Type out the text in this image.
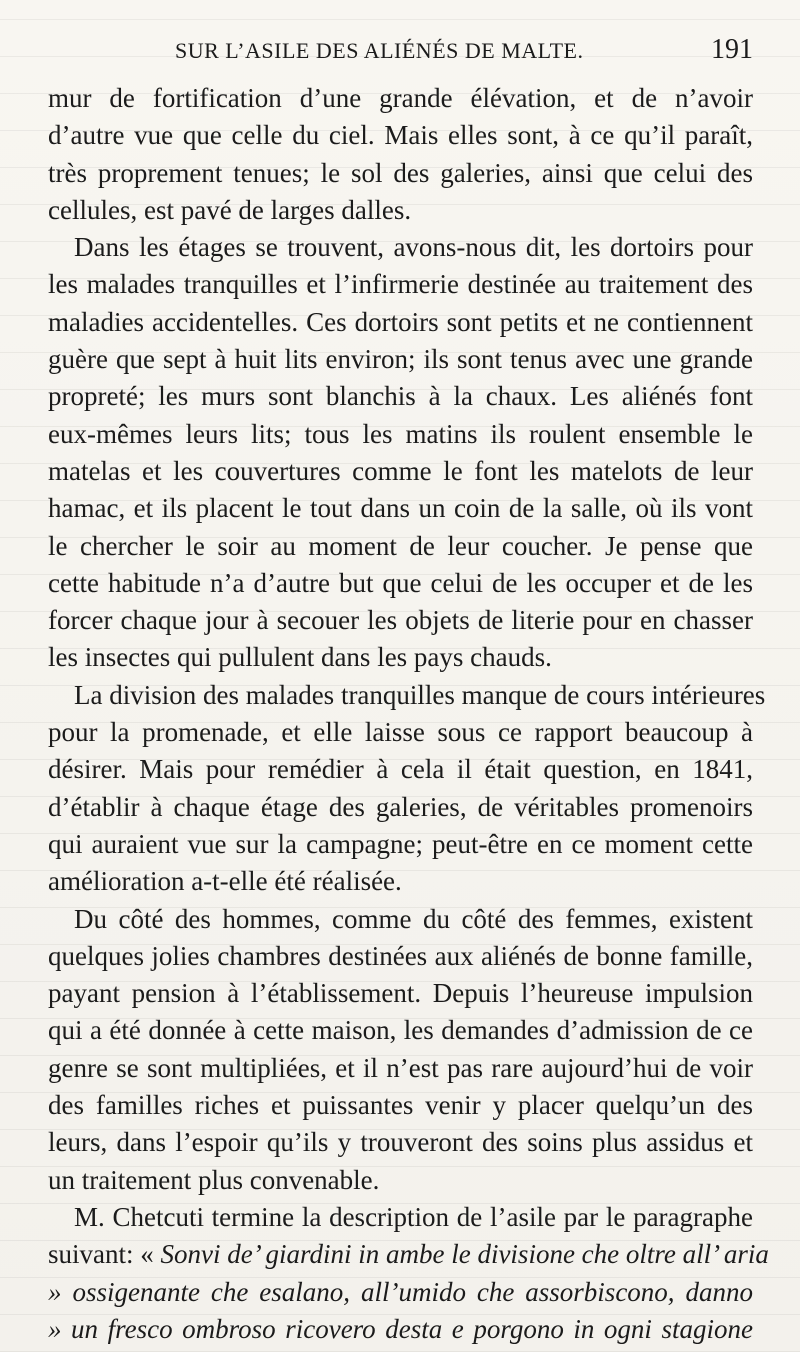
SUR L’ASILE DES ALIÉNÉS DE MALTE.	191
mur de fortification d’une grande élévation, et de n’avoir
d’autre vue que celle du ciel. Mais elles sont, à ce qu’il paraît,
très proprement tenues; le sol des galeries, ainsi que celui des
cellules, est pavé de larges dalles.
Dans les étages se trouvent, avons-nous dit, les dortoirs pour
les malades tranquilles et l’infirmerie destinée au traitement des
maladies accidentelles. Ces dortoirs sont petits et ne contiennent
guère que sept à huit lits environ; ils sont tenus avec une grande
propreté; les murs sont blanchis à la chaux. Les aliénés font
eux-mêmes leurs lits; tous les matins ils roulent ensemble le
matelas et les couvertures comme le font les matelots de leur
hamac, et ils placent le tout dans un coin de la salle, où ils vont
le chercher le soir au moment de leur coucher. Je pense que
cette habitude n’a d’autre but que celui de les occuper et de les
forcer chaque jour à secouer les objets de literie pour en chasser
les insectes qui pullulent dans les pays chauds.
La division des malades tranquilles manque de cours intérieures
pour la promenade, et elle laisse sous ce rapport beaucoup à
désirer. Mais pour remédier à cela il était question, en 1841,
d’établir à chaque étage des galeries, de véritables promenoirs
qui auraient vue sur la campagne; peut-être en ce moment cette
amélioration a-t-elle été réalisée.
Du côté des hommes, comme du côté des femmes, existent
quelques jolies chambres destinées aux aliénés de bonne famille,
payant pension à l’établissement. Depuis l’heureuse impulsion
qui a été donnée à cette maison, les demandes d’admission de ce
genre se sont multipliées, et il n’est pas rare aujourd’hui de voir
des familles riches et puissantes venir y placer quelqu’un des
leurs, dans l’espoir qu’ils y trouveront des soins plus assidus et
un traitement plus convenable.
M. Chetcuti termine la description de l’asile par le paragraphe
suivant: « Sonvi de’ giardini in ambe le divisione che oltre all’ aria
» ossigenante che esalano, all’umido che assorbiscono, danno
» un fresco ombroso ricovero desta e porgono in ogni stagione
